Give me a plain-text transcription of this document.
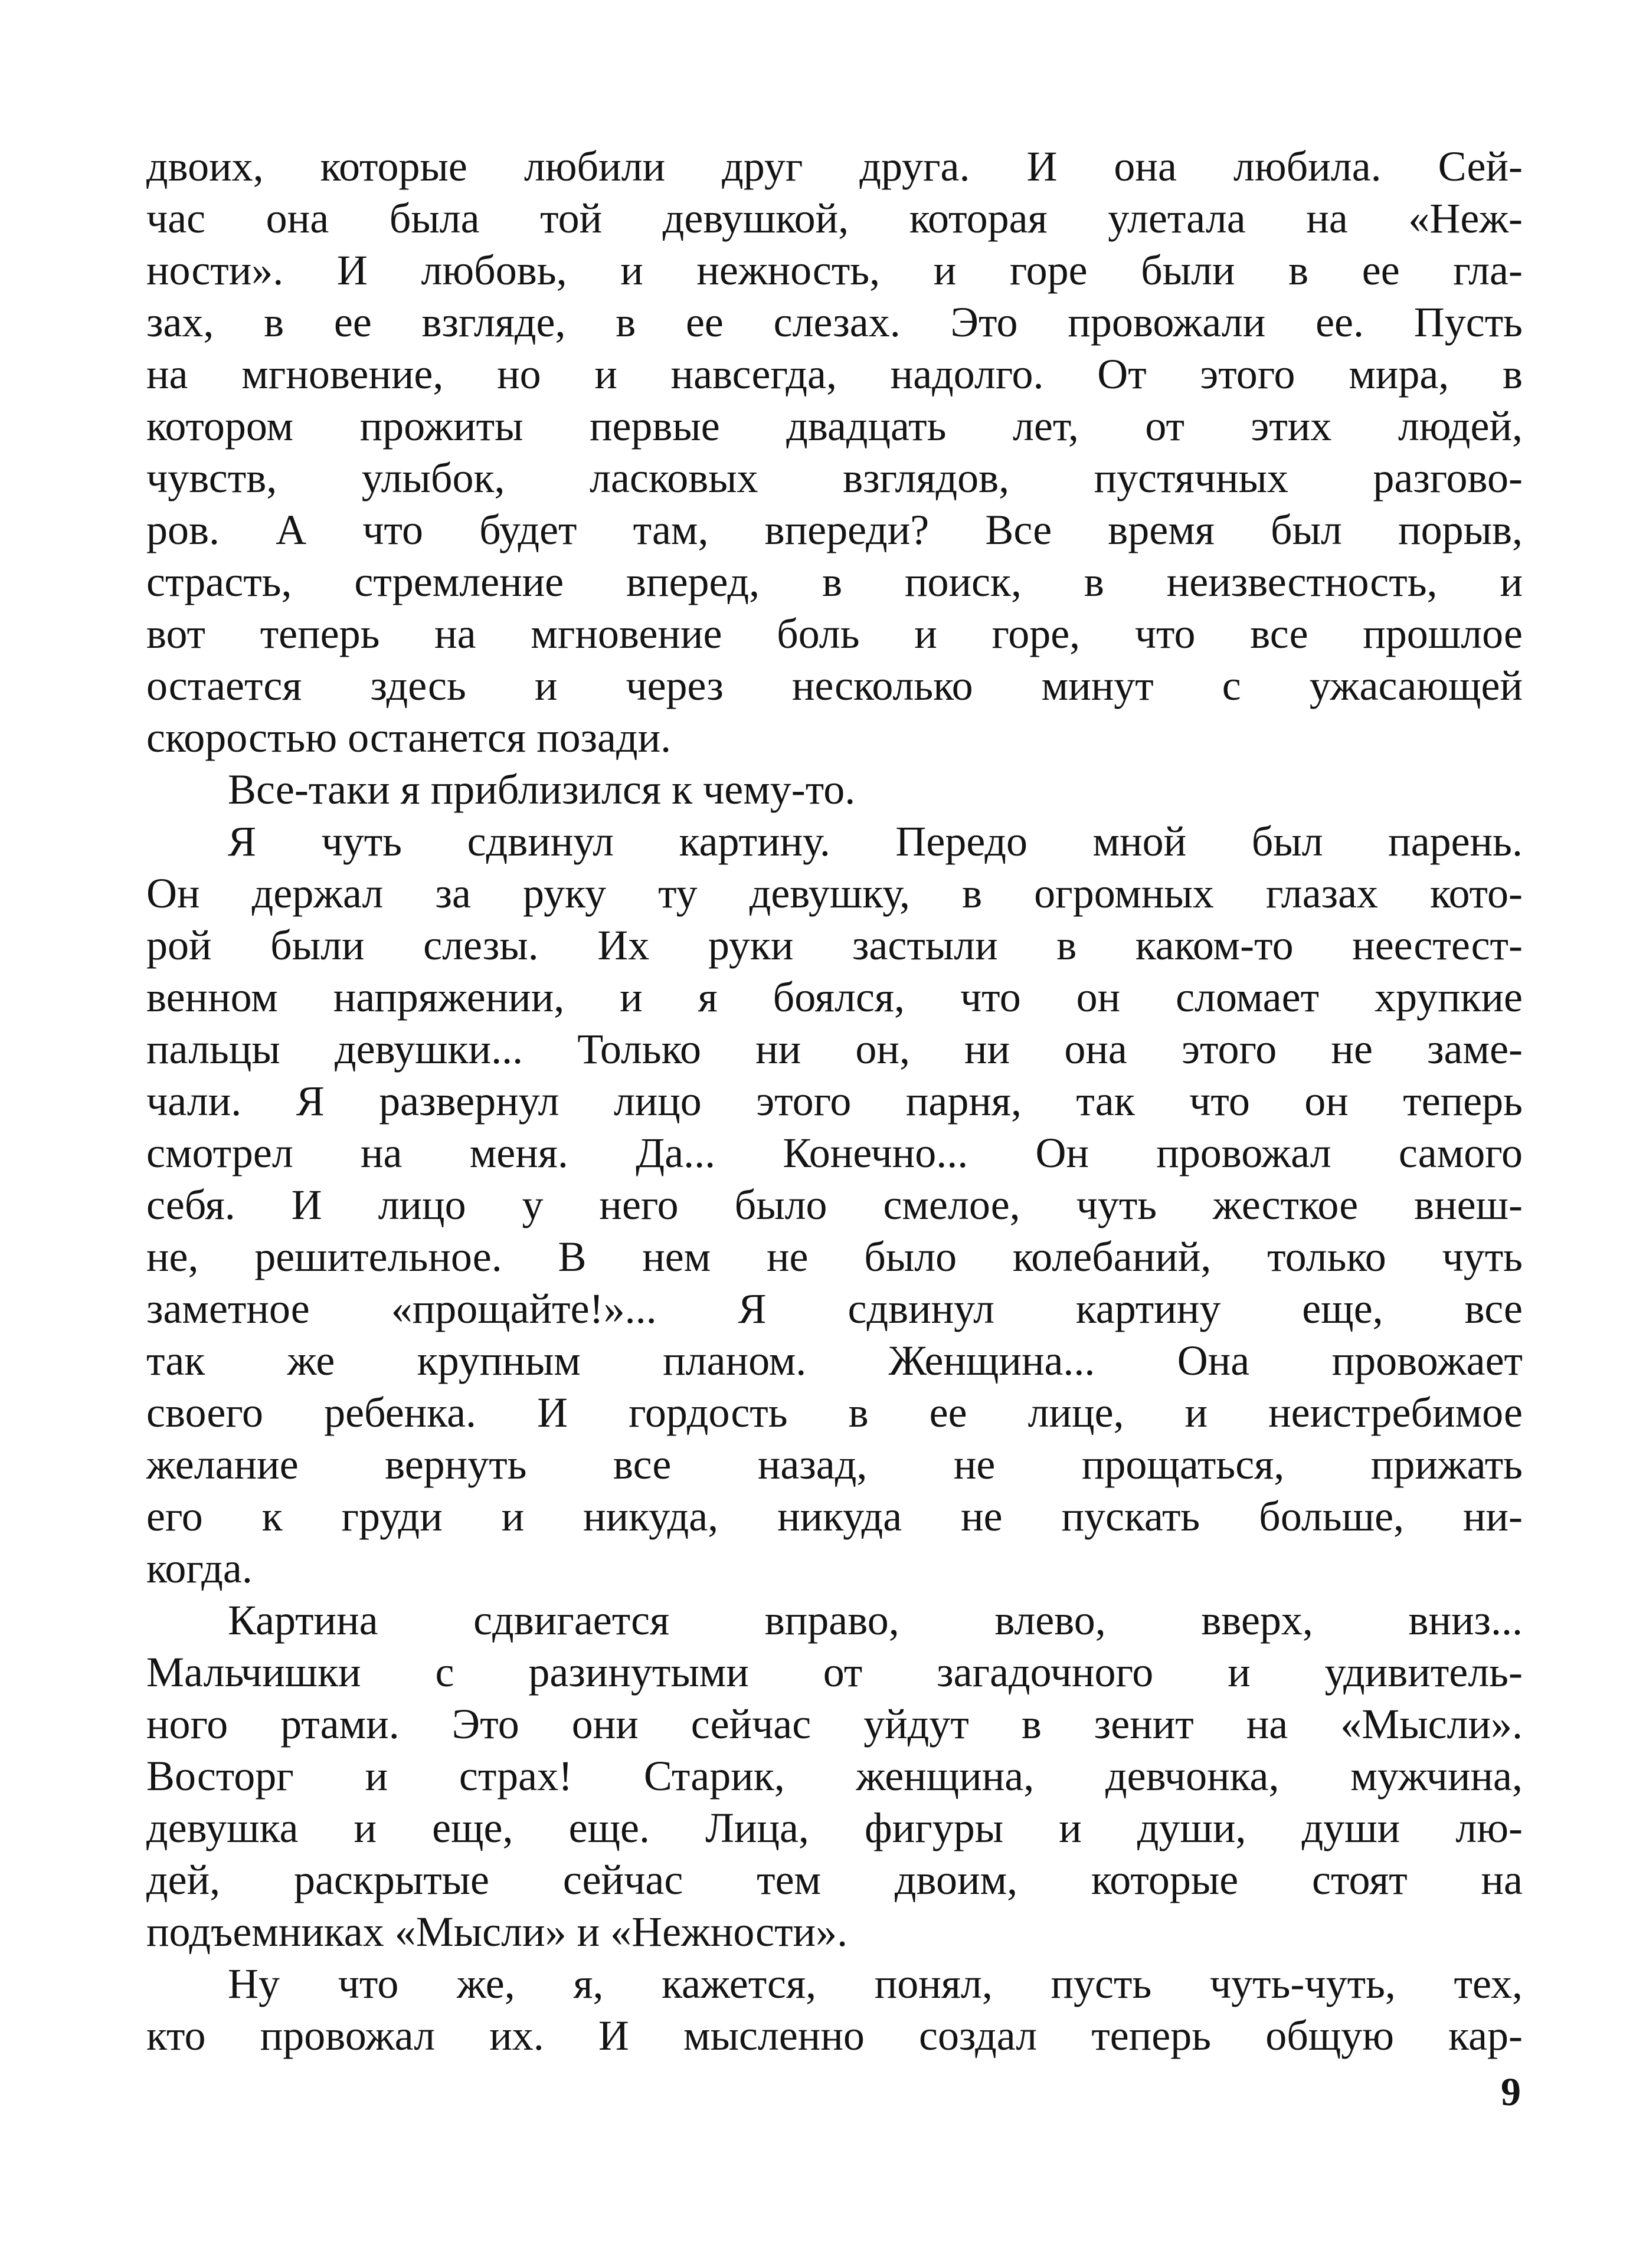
двоих, которые любили друг друга. И она любила. Сей-
час она была той девушкой, которая улетала на «Неж-
ности». И любовь, и нежность, и горе были в ее гла-
зах, в ее взгляде, в ее слезах. Это провожали ее. Пусть
на мгновение, но и навсегда, надолго. От этого мира, в
котором прожиты первые двадцать лет, от этих людей,
чувств, улыбок, ласковых взглядов, пустячных разгово-
ров. А что будет там, впереди? Все время был порыв,
страсть, стремление вперед, в поиск, в неизвестность, и
вот теперь на мгновение боль и горе, что все прошлое
остается здесь и через несколько минут с ужасающей
скоростью останется позади.
Все-таки я приблизился к чему-то.
Я чуть сдвинул картину. Передо мной был парень.
Он держал за руку ту девушку, в огромных глазах кото-
рой были слезы. Их руки застыли в каком-то неестест-
венном напряжении, и я боялся, что он сломает хрупкие
пальцы девушки... Только ни он, ни она этого не заме-
чали. Я развернул лицо этого парня, так что он теперь
смотрел на меня. Да... Конечно... Он провожал самого
себя. И лицо у него было смелое, чуть жесткое внеш-
не, решительное. В нем не было колебаний, только чуть
заметное «прощайте!»... Я сдвинул картину еще, все
так же крупным планом. Женщина... Она провожает
своего ребенка. И гордость в ее лице, и неистребимое
желание вернуть все назад, не прощаться, прижать
его к груди и никуда, никуда не пускать больше, ни-
когда.
Картина сдвигается вправо, влево, вверх, вниз...
Мальчишки с разинутыми от загадочного и удивитель-
ного ртами. Это они сейчас уйдут в зенит на «Мысли».
Восторг и страх! Старик, женщина, девчонка, мужчина,
девушка и еще, еще. Лица, фигуры и души, души лю-
дей, раскрытые сейчас тем двоим, которые стоят на
подъемниках «Мысли» и «Нежности».
Ну что же, я, кажется, понял, пусть чуть-чуть, тех,
кто провожал их. И мысленно создал теперь общую кар-
9
